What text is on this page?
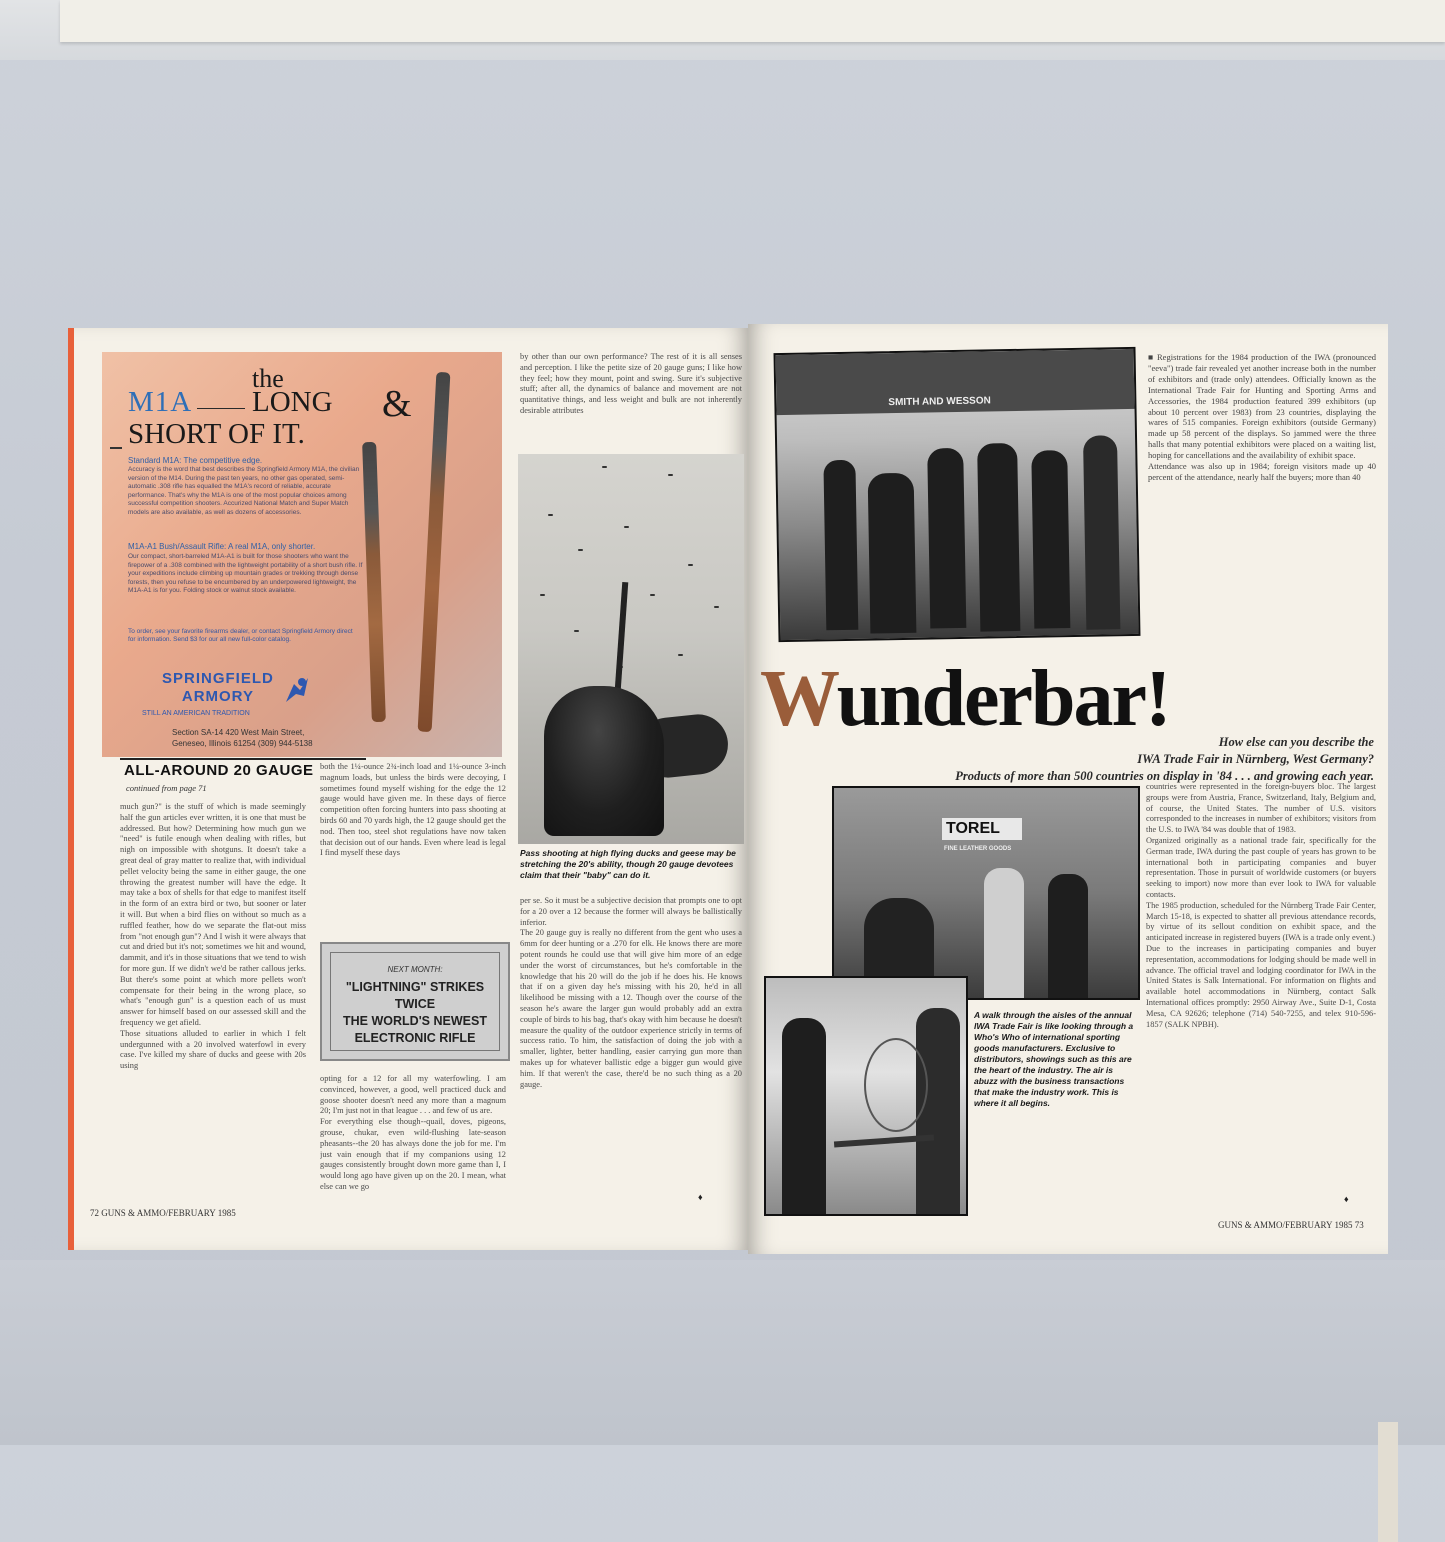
M1A
the
LONG &
SHORT OF IT.
Standard M1A: The competitive edge.
Accuracy is the word that best describes the Springfield Armory M1A, the civilian version of the M14. During the past ten years, no other gas operated, semi-automatic .308 rifle has equalled the M1A's record of reliable, accurate performance. That's why the M1A is one of the most popular choices among successful competition shooters. Accurized National Match and Super Match models are also available, as well as dozens of accessories.
M1A-A1 Bush/Assault Rifle: A real M1A, only shorter.
Our compact, short-barreled M1A-A1 is built for those shooters who want the firepower of a .308 combined with the lightweight portability of a short bush rifle. If your expeditions include climbing up mountain grades or trekking through dense forests, then you refuse to be encumbered by an underpowered lightweight, the M1A-A1 is for you. Folding stock or walnut stock available.
To order, see your favorite firearms dealer, or contact Springfield Armory direct for information. Send $3 for our all new full-color catalog.
SPRINGFIELD
ARMORY
STILL AN AMERICAN TRADITION
Section SA-14 420 West Main Street,
Geneseo, Illinois 61254 (309) 944-5138
ALL-AROUND 20 GAUGE
continued from page 71
much gun?" is the stuff of which is made seemingly half the gun articles ever written, it is one that must be addressed. But how? Determining how much gun we "need" is futile enough when dealing with rifles, but nigh on impossible with shotguns. It doesn't take a great deal of gray matter to realize that, with individual pellet velocity being the same in either gauge, the one throwing the greatest number will have the edge. It may take a box of shells for that edge to manifest itself in the form of an extra bird or two, but sooner or later it will. But when a bird flies on without so much as a ruffled feather, how do we separate the flat-out miss from "not enough gun"? And I wish it were always that cut and dried but it's not; sometimes we hit and wound, dammit, and it's in those situations that we tend to wish for more gun. If we didn't we'd be rather callous jerks. But there's some point at which more pellets won't compensate for their being in the wrong place, so what's "enough gun" is a question each of us must answer for himself based on our assessed skill and the frequency we get afield.
Those situations alluded to earlier in which I felt undergunned with a 20 involved waterfowl in every case. I've killed my share of ducks and geese with 20s using
both the 1¼-ounce 2¾-inch load and 1¼-ounce 3-inch magnum loads, but unless the birds were decoying, I sometimes found myself wishing for the edge the 12 gauge would have given me. In these days of fierce competition often forcing hunters into pass shooting at birds 60 and 70 yards high, the 12 gauge should get the nod. Then too, steel shot regulations have now taken that decision out of our hands. Even where lead is legal I find myself these days
NEXT MONTH:
"LIGHTNING" STRIKES TWICE
THE WORLD'S NEWEST
ELECTRONIC RIFLE
opting for a 12 for all my waterfowling. I am convinced, however, a good, well practiced duck and goose shooter doesn't need any more than a magnum 20; I'm just not in that league . . . and few of us are.
For everything else though--quail, doves, pigeons, grouse, chukar, even wild-flushing late-season pheasants--the 20 has always done the job for me. I'm just vain enough that if my companions using 12 gauges consistently brought down more game than I, I would long ago have given up on the 20. I mean, what else can we go
by other than our own performance? The rest of it is all senses and perception. I like the petite size of 20 gauge guns; I like how they feel; how they mount, point and swing. Sure it's subjective stuff; after all, the dynamics of balance and movement are not quantitative things, and less weight and bulk are not inherently desirable attributes
Pass shooting at high flying ducks and geese may be stretching the 20's ability, though 20 gauge devotees claim that their "baby" can do it.
per se. So it must be a subjective decision that prompts one to opt for a 20 over a 12 because the former will always be ballistically inferior.
The 20 gauge guy is really no different from the gent who uses a 6mm for deer hunting or a .270 for elk. He knows there are more potent rounds he could use that will give him more of an edge under the worst of circumstances, but he's comfortable in the knowledge that his 20 will do the job if he does his. He knows that if on a given day he's missing with his 20, he'd in all likelihood be missing with a 12. Though over the course of the season he's aware the larger gun would probably add an extra couple of birds to his bag, that's okay with him because he doesn't measure the quality of the outdoor experience strictly in terms of success ratio. To him, the satisfaction of doing the job with a smaller, lighter, better handling, easier carrying gun more than makes up for whatever ballistic edge a bigger gun would give him. If that weren't the case, there'd be no such thing as a 20 gauge.
♦
72 GUNS & AMMO/FEBRUARY 1985
SMITH AND WESSON
■ Registrations for the 1984 production of the IWA (pronounced "eeva") trade fair revealed yet another increase both in the number of exhibitors and (trade only) attendees. Officially known as the International Trade Fair for Hunting and Sporting Arms and Accessories, the 1984 production featured 399 exhibitors (up about 10 percent over 1983) from 23 countries, displaying the wares of 515 companies. Foreign exhibitors (outside Germany) made up 58 percent of the displays. So jammed were the three halls that many potential exhibitors were placed on a waiting list, hoping for cancellations and the availability of exhibit space.
Attendance was also up in 1984; foreign visitors made up 40 percent of the attendance, nearly half the buyers; more than 40
Wunderbar!	How else can you describe the
IWA Trade Fair in Nürnberg, West Germany?
Products of more than 500 countries on display in '84 . . . and growing each year.
TOREL
FINE LEATHER GOODS
A walk through the aisles of the annual IWA Trade Fair is like looking through a Who's Who of international sporting goods manufacturers. Exclusive to distributors, showings such as this are the heart of the industry. The air is abuzz with the business transactions that make the industry work. This is where it all begins.
countries were represented in the foreign-buyers bloc. The largest groups were from Austria, France, Switzerland, Italy, Belgium and, of course, the United States. The number of U.S. visitors corresponded to the increases in number of exhibitors; visitors from the U.S. to IWA '84 was double that of 1983.
Organized originally as a national trade fair, specifically for the German trade, IWA during the past couple of years has grown to be international both in participating companies and buyer representation. Those in pursuit of worldwide customers (or buyers seeking to import) now more than ever look to IWA for valuable contacts.
The 1985 production, scheduled for the Nürnberg Trade Fair Center, March 15-18, is expected to shatter all previous attendance records, by virtue of its sellout condition on exhibit space, and the anticipated increase in registered buyers (IWA is a trade only event.)
Due to the increases in participating companies and buyer representation, accommodations for lodging should be made well in advance. The official travel and lodging coordinator for IWA in the United States is Salk International. For information on flights and available hotel accommodations in Nürnberg, contact Salk International offices promptly: 2950 Airway Ave., Suite D-1, Costa Mesa, CA 92626; telephone (714) 540-7255, and telex 910-596-1857 (SALK NPBH).
♦
GUNS & AMMO/FEBRUARY 1985 73
